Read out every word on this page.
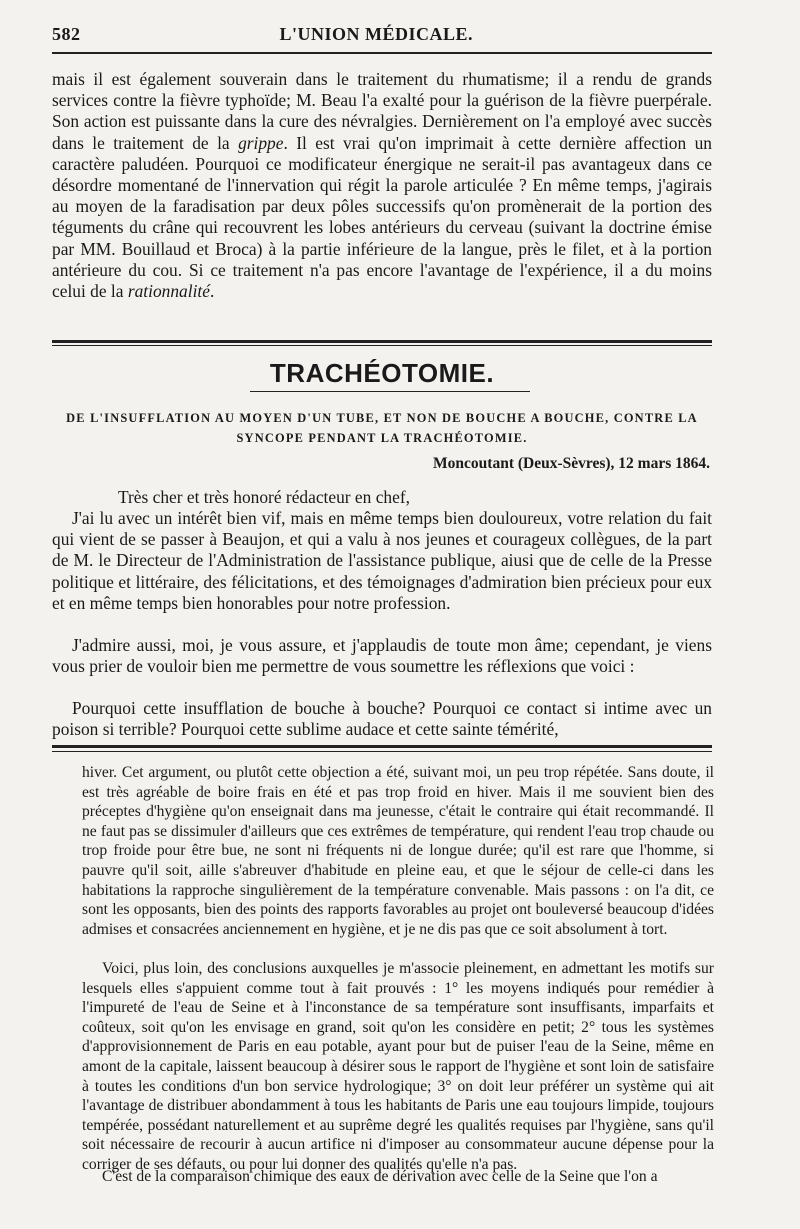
582	L'UNION MÉDICALE.

mais il est également souverain dans le traitement du rhumatisme; il a rendu de grands services contre la fièvre typhoïde; M. Beau l'a exalté pour la guérison de la fièvre puerpérale. Son action est puissante dans la cure des névralgies. Dernièrement on l'a employé avec succès dans le traitement de la grippe. Il est vrai qu'on imprimait à cette dernière affection un caractère paludéen. Pourquoi ce modificateur énergique ne serait-il pas avantageux dans ce désordre momentané de l'innervation qui régit la parole articulée ? En même temps, j'agirais au moyen de la faradisation par deux pôles successifs qu'on promènerait de la portion des téguments du crâne qui recouvrent les lobes antérieurs du cerveau (suivant la doctrine émise par MM. Bouillaud et Broca) à la partie inférieure de la langue, près le filet, et à la portion antérieure du cou. Si ce traitement n'a pas encore l'avantage de l'expérience, il a du moins celui de la rationnalité.

TRACHÉOTOMIE.
DE L'INSUFFLATION AU MOYEN D'UN TUBE, ET NON DE BOUCHE A BOUCHE, CONTRE LA SYNCOPE PENDANT LA TRACHÉOTOMIE.
Moncoutant (Deux-Sèvres), 12 mars 1864.

Très cher et très honoré rédacteur en chef,

J'ai lu avec un intérêt bien vif, mais en même temps bien douloureux, votre relation du fait qui vient de se passer à Beaujon, et qui a valu à nos jeunes et courageux collègues, de la part de M. le Directeur de l'Administration de l'assistance publique, aiusi que de celle de la Presse politique et littéraire, des félicitations, et des témoignages d'admiration bien précieux pour eux et en même temps bien honorables pour notre profession.

J'admire aussi, moi, je vous assure, et j'applaudis de toute mon âme; cependant, je viens vous prier de vouloir bien me permettre de vous soumettre les réflexions que voici :

Pourquoi cette insufflation de bouche à bouche? Pourquoi ce contact si intime avec un poison si terrible? Pourquoi cette sublime audace et cette sainte témérité,

hiver. Cet argument, ou plutôt cette objection a été, suivant moi, un peu trop répétée. Sans doute, il est très agréable de boire frais en été et pas trop froid en hiver. Mais il me souvient bien des préceptes d'hygiène qu'on enseignait dans ma jeunesse, c'était le contraire qui était recommandé. Il ne faut pas se dissimuler d'ailleurs que ces extrêmes de température, qui rendent l'eau trop chaude ou trop froide pour être bue, ne sont ni fréquents ni de longue durée; qu'il est rare que l'homme, si pauvre qu'il soit, aille s'abreuver d'habitude en pleine eau, et que le séjour de celle-ci dans les habitations la rapproche singulièrement de la température convenable. Mais passons : on l'a dit, ce sont les opposants, bien des points des rapports favorables au projet ont bouleversé beaucoup d'idées admises et consacrées anciennement en hygiène, et je ne dis pas que ce soit absolument à tort.

Voici, plus loin, des conclusions auxquelles je m'associe pleinement, en admettant les motifs sur lesquels elles s'appuient comme tout à fait prouvés : 1° les moyens indiqués pour remédier à l'impureté de l'eau de Seine et à l'inconstance de sa température sont insuffisants, imparfaits et coûteux, soit qu'on les envisage en grand, soit qu'on les considère en petit; 2° tous les systèmes d'approvisionnement de Paris en eau potable, ayant pour but de puiser l'eau de la Seine, même en amont de la capitale, laissent beaucoup à désirer sous le rapport de l'hygiène et sont loin de satisfaire à toutes les conditions d'un bon service hydrologique; 3° on doit leur préférer un système qui ait l'avantage de distribuer abondamment à tous les habitants de Paris une eau toujours limpide, toujours tempérée, possédant naturellement et au suprême degré les qualités requises par l'hygiène, sans qu'il soit nécessaire de recourir à aucun artifice ni d'imposer au consommateur aucune dépense pour la corriger de ses défauts, ou pour lui donner des qualités qu'elle n'a pas.

C'est de la comparaison chimique des eaux de dérivation avec celle de la Seine que l'on a
